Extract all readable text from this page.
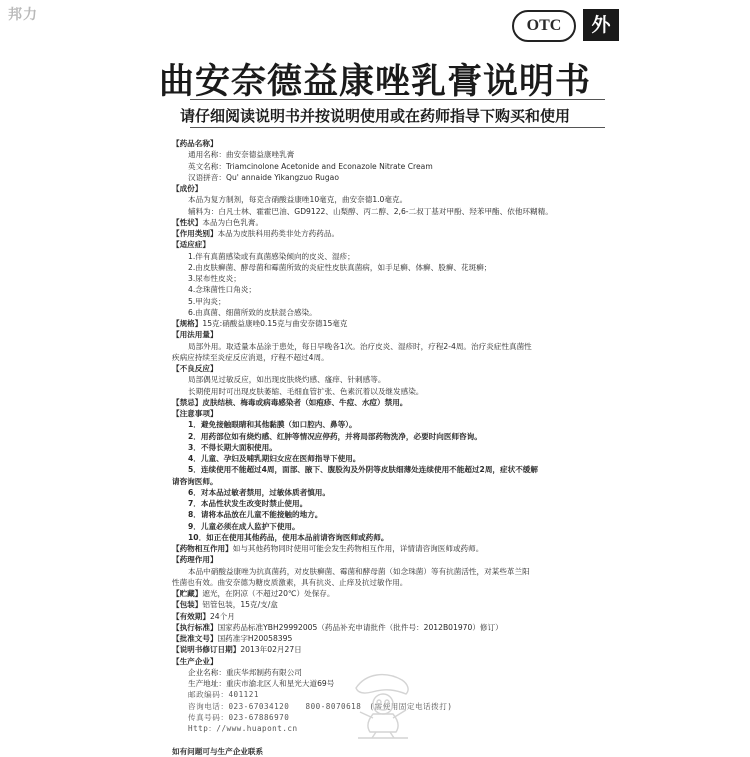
邦力
OTC	外
曲安奈德益康唑乳膏说明书
请仔细阅读说明书并按说明使用或在药师指导下购买和使用
【药品名称】
通用名称：曲安奈德益康唑乳膏
英文名称：Triamcinolone Acetonide and Econazole Nitrate Cream
汉语拼音：Qu' annaide Yikangzuo Rugao
【成份】
本品为复方制剂，每克含硝酸益康唑10毫克，曲安奈德1.0毫克。
辅料为：白凡士林、霍霍巴油、GD9122、山梨醇、丙二醇、2,6-二叔丁基对甲酚、羟苯甲酯、依他环糊精。
【性状】本品为白色乳膏。
【作用类别】本品为皮肤科用药类非处方药药品。
【适应症】
1.伴有真菌感染或有真菌感染倾向的皮炎、湿疹；
2.由皮肤癣菌、酵母菌和霉菌所致的炎症性皮肤真菌病，如手足癣、体癣、股癣、花斑癣；
3.尿布性皮炎；
4.念珠菌性口角炎；
5.甲沟炎；
6.由真菌、细菌所致的皮肤混合感染。
【规格】15克:硝酸益康唑0.15克与曲安奈德15毫克
【用法用量】
局部外用。取适量本品涂于患处，每日早晚各1次。治疗皮炎、湿疹时，疗程2-4周。治疗炎症性真菌性
疾病应持续至炎症反应消退，疗程不超过4周。
【不良反应】
局部偶见过敏反应，如出现皮肤烧灼感、瘙痒、针刺感等。
长期使用时可出现皮肤萎缩、毛细血管扩张、色素沉着以及继发感染。
【禁忌】皮肤结核、梅毒或病毒感染者（如疱疹、牛痘、水痘）禁用。
【注意事项】
1．避免接触眼睛和其他黏膜（如口腔内、鼻等）。
2．用药部位如有烧灼感、红肿等情况应停药，并将局部药物洗净，必要时向医师咨询。
3．不得长期大面积使用。
4．儿童、孕妇及哺乳期妇女应在医师指导下使用。
5．连续使用不能超过4周，面部、腋下、腹股沟及外阴等皮肤细薄处连续使用不能超过2周，症状不缓解
请咨询医师。
6．对本品过敏者禁用，过敏体质者慎用。
7．本品性状发生改变时禁止使用。
8．请将本品放在儿童不能接触的地方。
9．儿童必须在成人监护下使用。
10．如正在使用其他药品，使用本品前请咨询医师或药师。
【药物相互作用】如与其他药物同时使用可能会发生药物相互作用，详情请咨询医师或药师。
【药理作用】
本品中硝酸益康唑为抗真菌药，对皮肤癣菌、霉菌和酵母菌（如念珠菌）等有抗菌活性，对某些革兰阳
性菌也有效。曲安奈德为糖皮质激素，具有抗炎、止痒及抗过敏作用。
【贮藏】遮光，在阴凉（不超过20℃）处保存。
【包装】铝管包装，15克/支/盒
【有效期】24个月
【执行标准】国家药品标准YBH29992005（药品补充申请批件（批件号：2012B01970）修订）
【批准文号】国药准字H20058395
【说明书修订日期】2013年02月27日
【生产企业】
企业名称：重庆华邦制药有限公司
生产地址：重庆市渝北区人和星光大道69号
邮政编码：401121
咨询电话：023-67034120　　800-8070618　(需使用固定电话拨打)
传真号码：023-67886970
Http：//www.huapont.cn
如有问题可与生产企业联系
